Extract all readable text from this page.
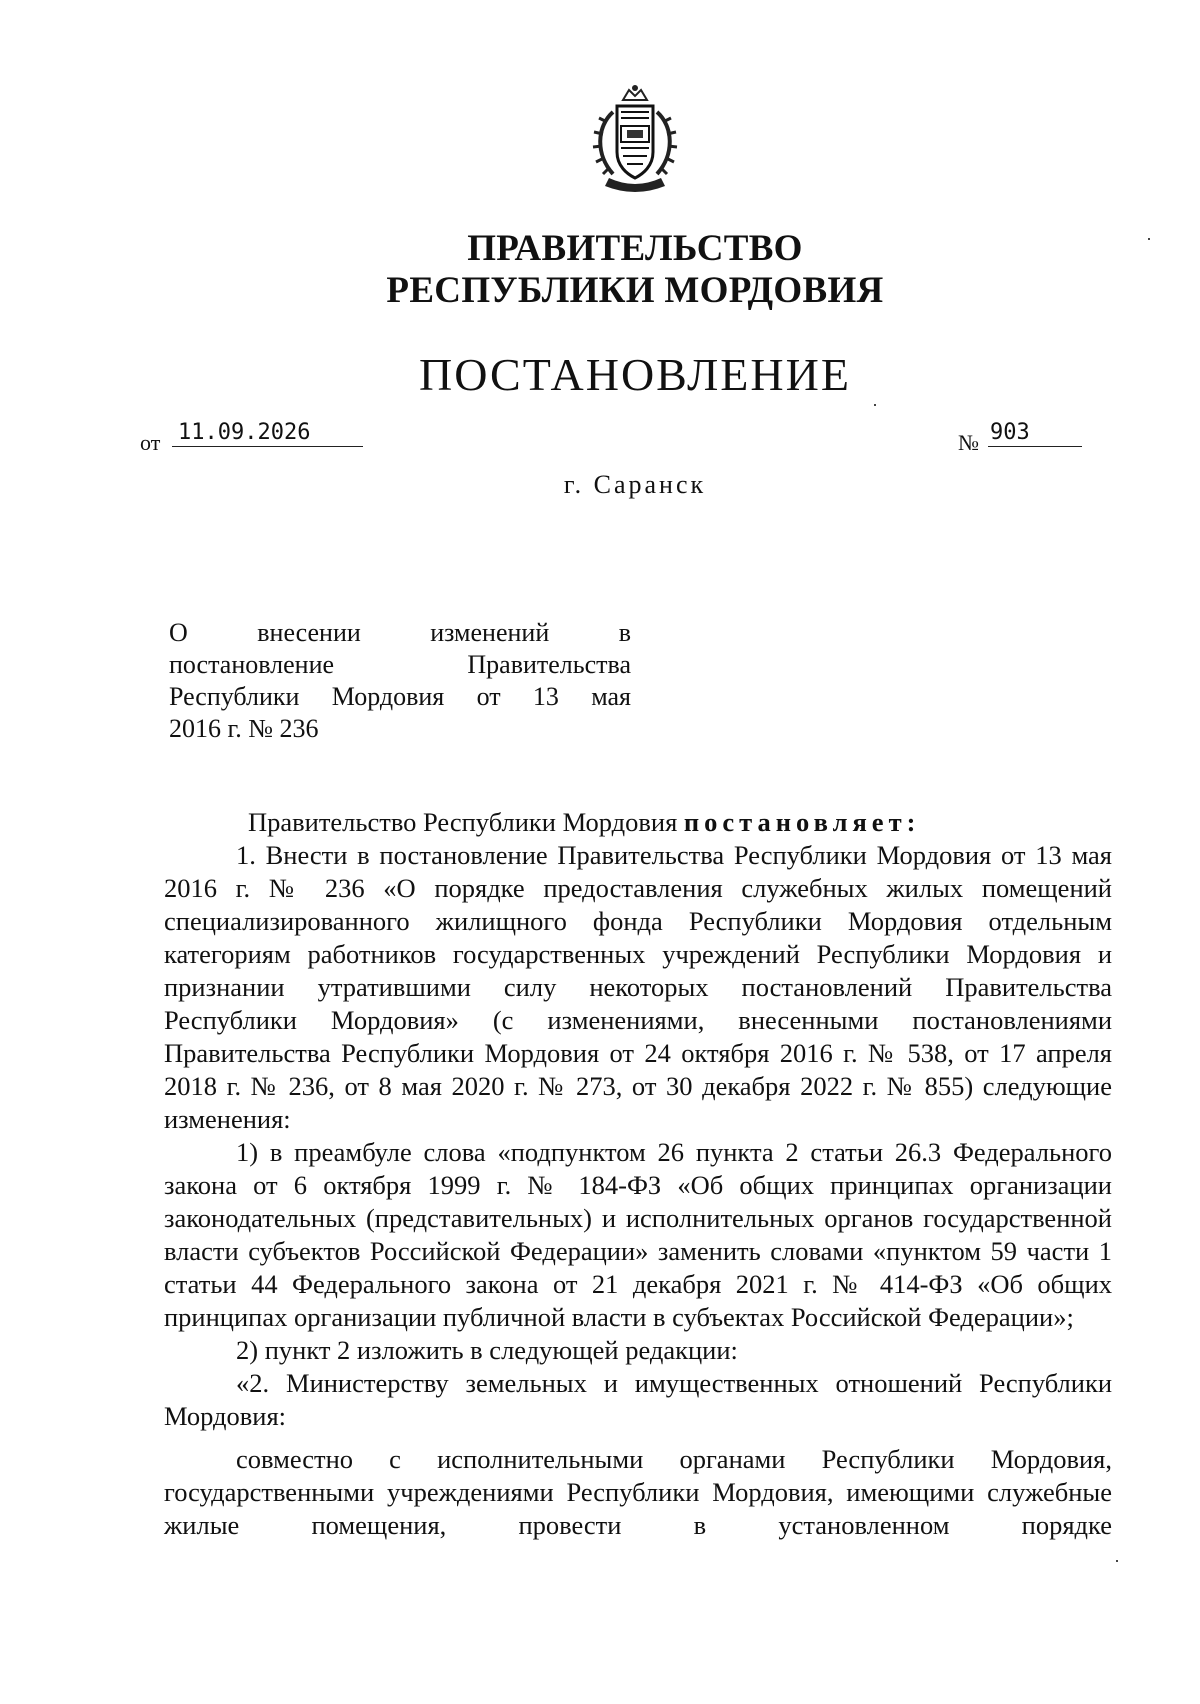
ПРАВИТЕЛЬСТВО
РЕСПУБЛИКИ МОРДОВИЯ
ПОСТАНОВЛЕНИЕ
от 11.09.2026	№ 903
г. Саранск

О внесении изменений в

постановление Правительства

Республики Мордовия от 13 мая

2016 г. № 236

Правительство Республики Мордовия постановляет:

1. Внести в постановление Правительства Республики Мордовия от 13 мая 2016 г. № 236 «О порядке предоставления служебных жилых помещений специализированного жилищного фонда Республики Мордовия отдельным категориям работников государственных учреждений Республики Мордовия и признании утратившими силу некоторых постановлений Правительства Республики Мордовия» (с изменениями, внесенными постановлениями Правительства Республики Мордовия от 24 октября 2016 г. № 538, от 17 апреля 2018 г. № 236, от 8 мая 2020 г. № 273, от 30 декабря 2022 г. № 855) следующие изменения:

1) в преамбуле слова «подпунктом 26 пункта 2 статьи 26.3 Федерального закона от 6 октября 1999 г. № 184-ФЗ «Об общих принципах организации законодательных (представительных) и исполнительных органов государственной власти субъектов Российской Федерации» заменить словами «пунктом 59 части 1 статьи 44 Федерального закона от 21 декабря 2021 г. № 414-ФЗ «Об общих принципах организации публичной власти в субъектах Российской Федерации»;

2) пункт 2 изложить в следующей редакции:

«2. Министерству земельных и имущественных отношений Республики Мордовия:

совместно с исполнительными органами Республики Мордовия, государственными учреждениями Республики Мордовия, имеющими служебные жилые помещения, провести в установленном порядке
